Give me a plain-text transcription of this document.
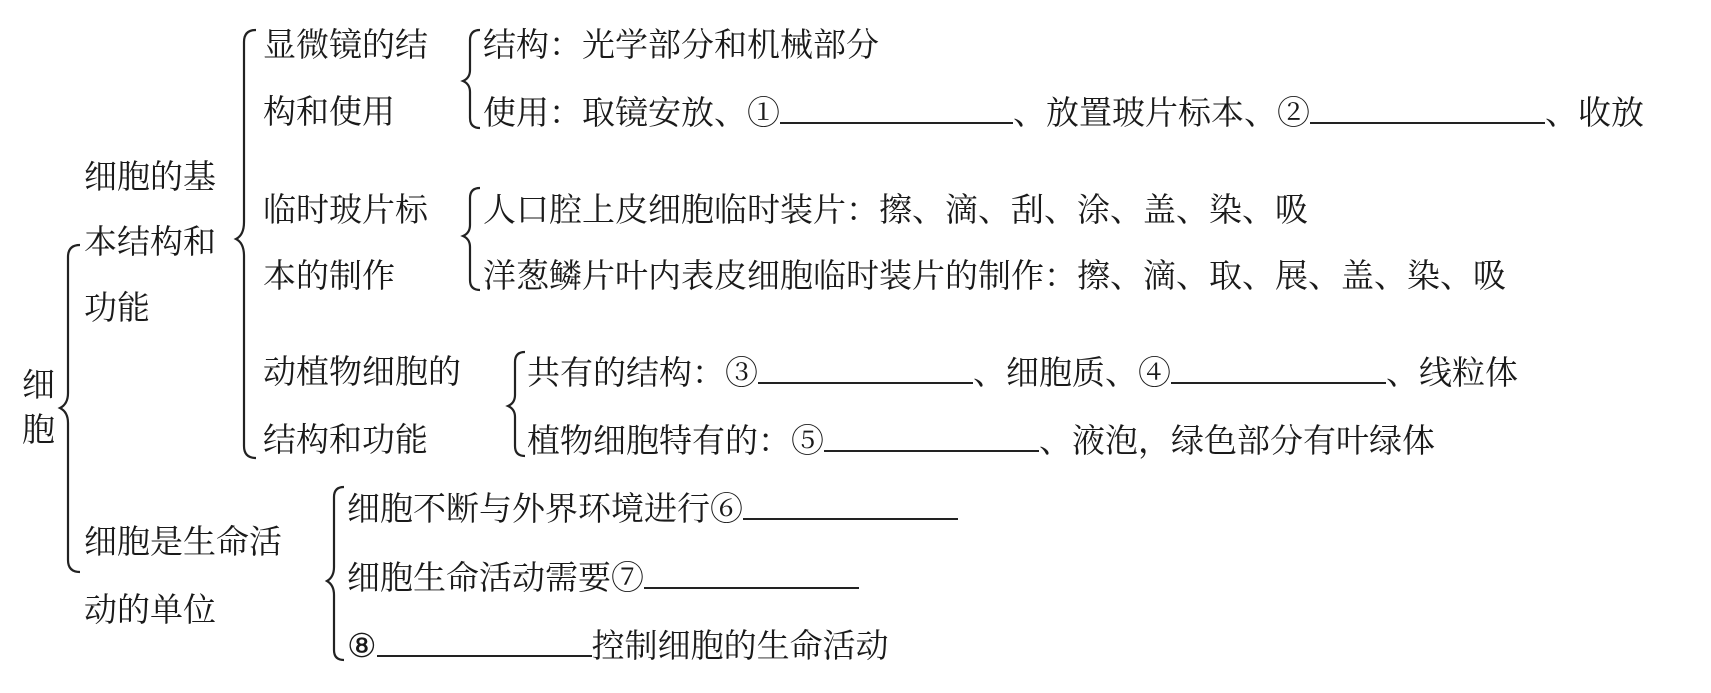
细
胞
细胞的基
本结构和
功能
显微镜的结
构和使用
结构：光学部分和机械部分
使用：取镜安放、①	、放置玻片标本、②	、收放
临时玻片标
本的制作
人口腔上皮细胞临时装片：擦、滴、刮、涂、盖、染、吸
洋葱鳞片叶内表皮细胞临时装片的制作：擦、滴、取、展、盖、染、吸
动植物细胞的
结构和功能
共有的结构：③	、细胞质、④	、线粒体
植物细胞特有的：⑤	、液泡，绿色部分有叶绿体
细胞是生命活
动的单位
细胞不断与外界环境进行⑥
细胞生命活动需要⑦
⑧	控制细胞的生命活动
